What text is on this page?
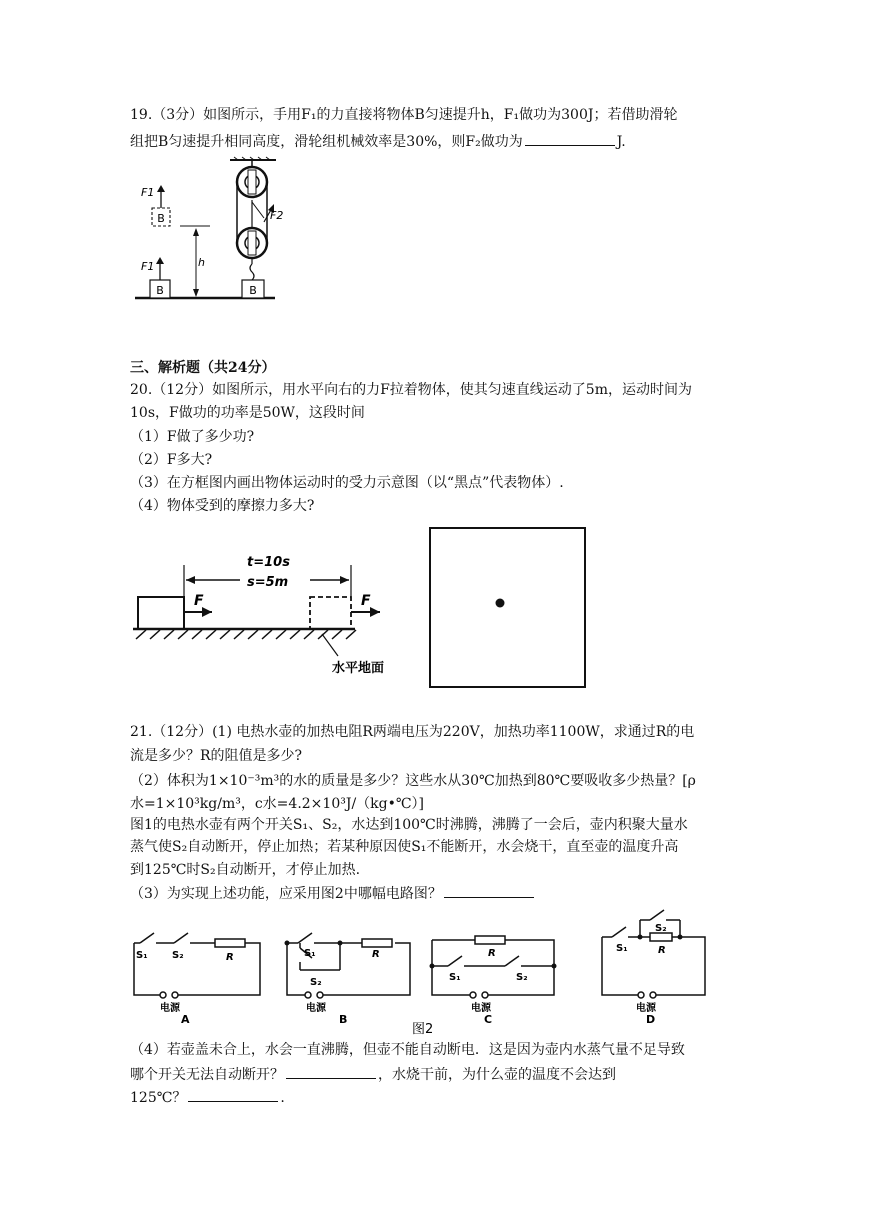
19.（3分）如图所示，手用F₁的力直接将物体B匀速提升h，F₁做功为300J；若借助滑轮
组把B匀速提升相同高度，滑轮组机械效率是30%，则F₂做功为	J.
B
F1
B
F1
h
F2
B
三、解析题（共24分）
20.（12分）如图所示，用水平向右的力F拉着物体，使其匀速直线运动了5m，运动时间为
10s，F做功的功率是50W，这段时间
（1）F做了多少功?
（2）F多大?
（3）在方框图内画出物体运动时的受力示意图（以“黑点”代表物体）.
（4）物体受到的摩擦力多大?
t=10s
s=5m
F	F
水平地面
21.（12分）(1) 电热水壶的加热电阻R两端电压为220V，加热功率1100W，求通过R的电
流是多少？R的阻值是多少?
（2）体积为1×10⁻³m³的水的质量是多少？这些水从30℃加热到80℃要吸收多少热量？[ρ
水=1×10³kg/m³，c水=4.2×10³J/（kg•℃）]
图1的电热水壶有两个开关S₁、S₂，水达到100℃时沸腾，沸腾了一会后，壶内积聚大量水
蒸气使S₂自动断开，停止加热；若某种原因使S₁不能断开，水会烧干，直至壶的温度升高
到125℃时S₂自动断开，才停止加热.
（3）为实现上述功能，应采用图2中哪幅电路图？
S₁ S₂	R
电源
A
S₁
S₂
R
电源
B
R
S₁	S₂
电源
C
S₁
S₂
R
电源
D
图2
（4）若壶盖未合上，水会一直沸腾，但壶不能自动断电．这是因为壶内水蒸气量不足导致
哪个开关无法自动断开？	，水烧干前，为什么壶的温度不会达到
125℃？	.
